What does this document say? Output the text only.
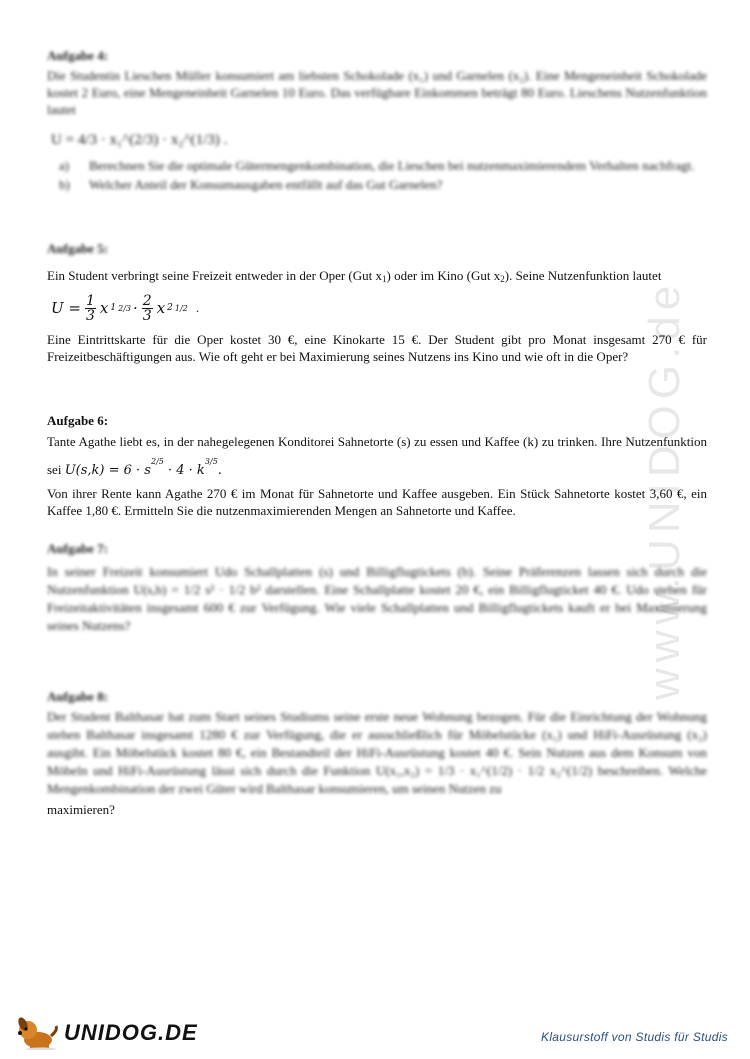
www.UNIDOG.de
Aufgabe 4:

Die Studentin Lieschen Müller konsumiert am liebsten Schokolade (x₁) und Garnelen (x₂). Eine Mengeneinheit Schokolade kostet 2 Euro, eine Mengeneinheit Garnelen 10 Euro. Das verfügbare Einkommen beträgt 80 Euro. Lieschens Nutzenfunktion lautet

U = 4/3 · x₁^(2/3) · x₂^(1/3) .
a) Berechnen Sie die optimale Gütermengenkombination, die Lieschen bei nutzenmaximierendem Verhalten nachfragt.
b) Welcher Anteil der Konsumausgaben entfällt auf das Gut Garnelen?
Aufgabe 5:

Ein Student verbringt seine Freizeit entweder in der Oper (Gut $x_1$) oder im Kino (Gut $x_2$). Seine Nutzenfunktion lautet

$U = \frac{1}{3}$ x 1 $2/3 \cdot \frac{2}{3}$ x 2 1/2 .

Eine Eintrittskarte für die Oper kostet 30 €, eine Kinokarte 15 €. Der Student gibt pro Monat insgesamt 270 € für Freizeitbeschäftigungen aus. Wie oft geht er bei Maximierung seines Nutzens ins Kino und wie oft in die Oper?

Aufgabe 6:

Tante Agathe liebt es, in der nahegelegenen Konditorei Sahnetorte (s) zu essen und Kaffee (k) zu trinken. Ihre Nutzenfunktion sei $U(s,k) = 6 \cdot s^{2/5} \cdot 4 \cdot k^{3/5}$.

Von ihrer Rente kann Agathe 270 € im Monat für Sahnetorte und Kaffee ausgeben. Ein Stück Sahnetorte kostet 3,60 €, ein Kaffee 1,80 €. Ermitteln Sie die nutzenmaximierenden Mengen an Sahnetorte und Kaffee.

Aufgabe 7:

In seiner Freizeit konsumiert Udo Schallplatten (s) und Billigflugtickets (b). Seine Präferenzen lassen sich durch die Nutzenfunktion U(s,b) = 1/2 s² · 1/2 b² darstellen. Eine Schallplatte kostet 20 €, ein Billigflugticket 40 €. Udo stehen für Freizeitaktivitäten insgesamt 600 € zur Verfügung. Wie viele Schallplatten und Billigflugtickets kauft er bei Maximierung seines Nutzens?

Aufgabe 8:

Der Student Balthasar hat zum Start seines Studiums seine erste neue Wohnung bezogen. Für die Einrichtung der Wohnung stehen Balthasar insgesamt 1280 € zur Verfügung, die er ausschließlich für Möbelstücke (x₁) und HiFi-Ausrüstung (x₂) ausgibt. Ein Möbelstück kostet 80 €, ein Bestandteil der HiFi-Ausrüstung kostet 40 €. Sein Nutzen aus dem Konsum von Möbeln und HiFi-Ausrüstung lässt sich durch die Funktion U(x₁,x₂) = 1/3 · x₁^(1/2) · 1/2 x₂^(1/2) beschreiben. Welche Mengenkombination der zwei Güter wird Balthasar konsumieren, um seinen Nutzen zu

maximieren?

UNIDOG.DE	Klausurstoff von Studis für Studis
